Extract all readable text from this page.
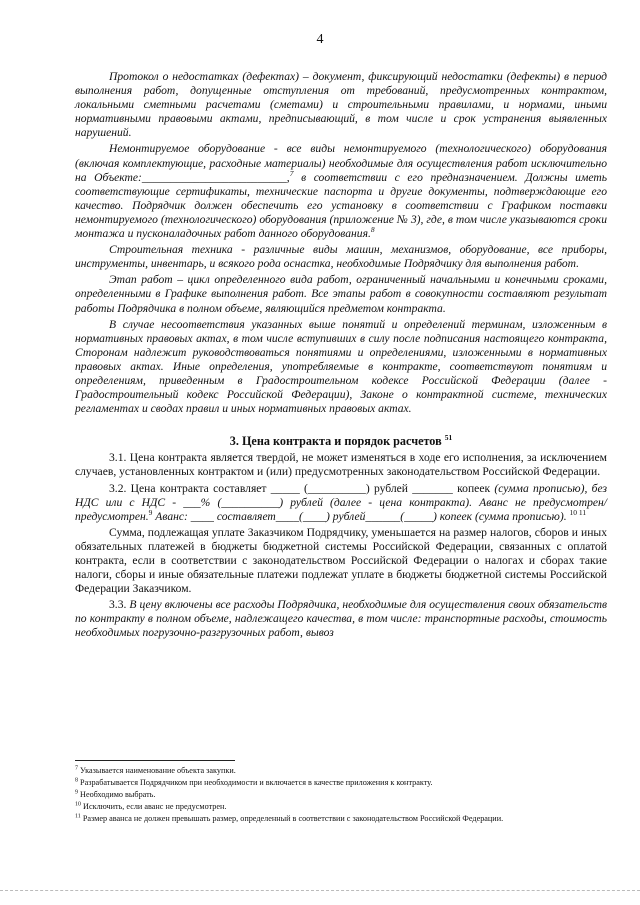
4

Протокол о недостатках (дефектах) – документ, фиксирующий недостатки (дефекты) в период выполнения работ, допущенные отступления от требований, предусмотренных контрактом, локальными сметными расчетами (сметами) и строительными правилами, и нормами, иными нормативными правовыми актами, предписывающий, в том числе и срок устранения выявленных нарушений.

Немонтируемое оборудование - все виды немонтируемого (технологического) оборудования (включая комплектующие, расходные материалы) необходимые для осуществления работ исключительно на Объекте:_________________________,$^7$ в соответствии с его предназначением. Должны иметь соответствующие сертификаты, технические паспорта и другие документы, подтверждающие его качество. Подрядчик должен обеспечить его установку в соответствии с Графиком поставки немонтируемого (технологического) оборудования (приложение № 3), где, в том числе указываются сроки монтажа и пусконаладочных работ данного оборудования.$^8$

Строительная техника - различные виды машин, механизмов, оборудование, все приборы, инструменты, инвентарь, и всякого рода оснастка, необходимые Подрядчику для выполнения работ.

Этап работ – цикл определенного вида работ, ограниченный начальными и конечными сроками, определенными в Графике выполнения работ. Все этапы работ в совокупности составляют результат работы Подрядчика в полном объеме, являющийся предметом контракта.

В случае несоответствия указанных выше понятий и определений терминам, изложенным в нормативных правовых актах, в том числе вступивших в силу после подписания настоящего контракта, Сторонам надлежит руководствоваться понятиями и определениями, изложенными в нормативных правовых актах. Иные определения, употребляемые в контракте, соответствуют понятиям и определениям, приведенным в Градостроительном кодексе Российской Федерации (далее - Градостроительный кодекс Российской Федерации), Законе о контрактной системе, технических регламентах и сводах правил и иных нормативных правовых актах.

3. Цена контракта и порядок расчетов $^{51}$

3.1. Цена контракта является твердой, не может изменяться в ходе его исполнения, за исключением случаев, установленных контрактом и (или) предусмотренных законодательством Российской Федерации.

3.2. Цена контракта составляет _____ (__________) рублей _______ копеек (сумма прописью), без НДС или с НДС - ___% (__________) рублей (далее - цена контракта). Аванс не предусмотрен/предусмотрен.$^9$ Аванс: ____ составляет____(____) рублей______(_____) копеек (сумма прописью). $^{10 11}$

Сумма, подлежащая уплате Заказчиком Подрядчику, уменьшается на размер налогов, сборов и иных обязательных платежей в бюджеты бюджетной системы Российской Федерации, связанных с оплатой контракта, если в соответствии с законодательством Российской Федерации о налогах и сборах такие налоги, сборы и иные обязательные платежи подлежат уплате в бюджеты бюджетной системы Российской Федерации Заказчиком.

3.3. В цену включены все расходы Подрядчика, необходимые для осуществления своих обязательств по контракту в полном объеме, надлежащего качества, в том числе: транспортные расходы, стоимость необходимых погрузочно-разгрузочных работ, вывоз

$^7$ Указывается наименование объекта закупки.
$^8$ Разрабатывается Подрядчиком при необходимости и включается в качестве приложения к контракту.
$^9$ Необходимо выбрать.
$^{10}$ Исключить, если аванс не предусмотрен.
$^{11}$ Размер аванса не должен превышать размер, определенный в соответствии с законодательством Российской Федерации.
